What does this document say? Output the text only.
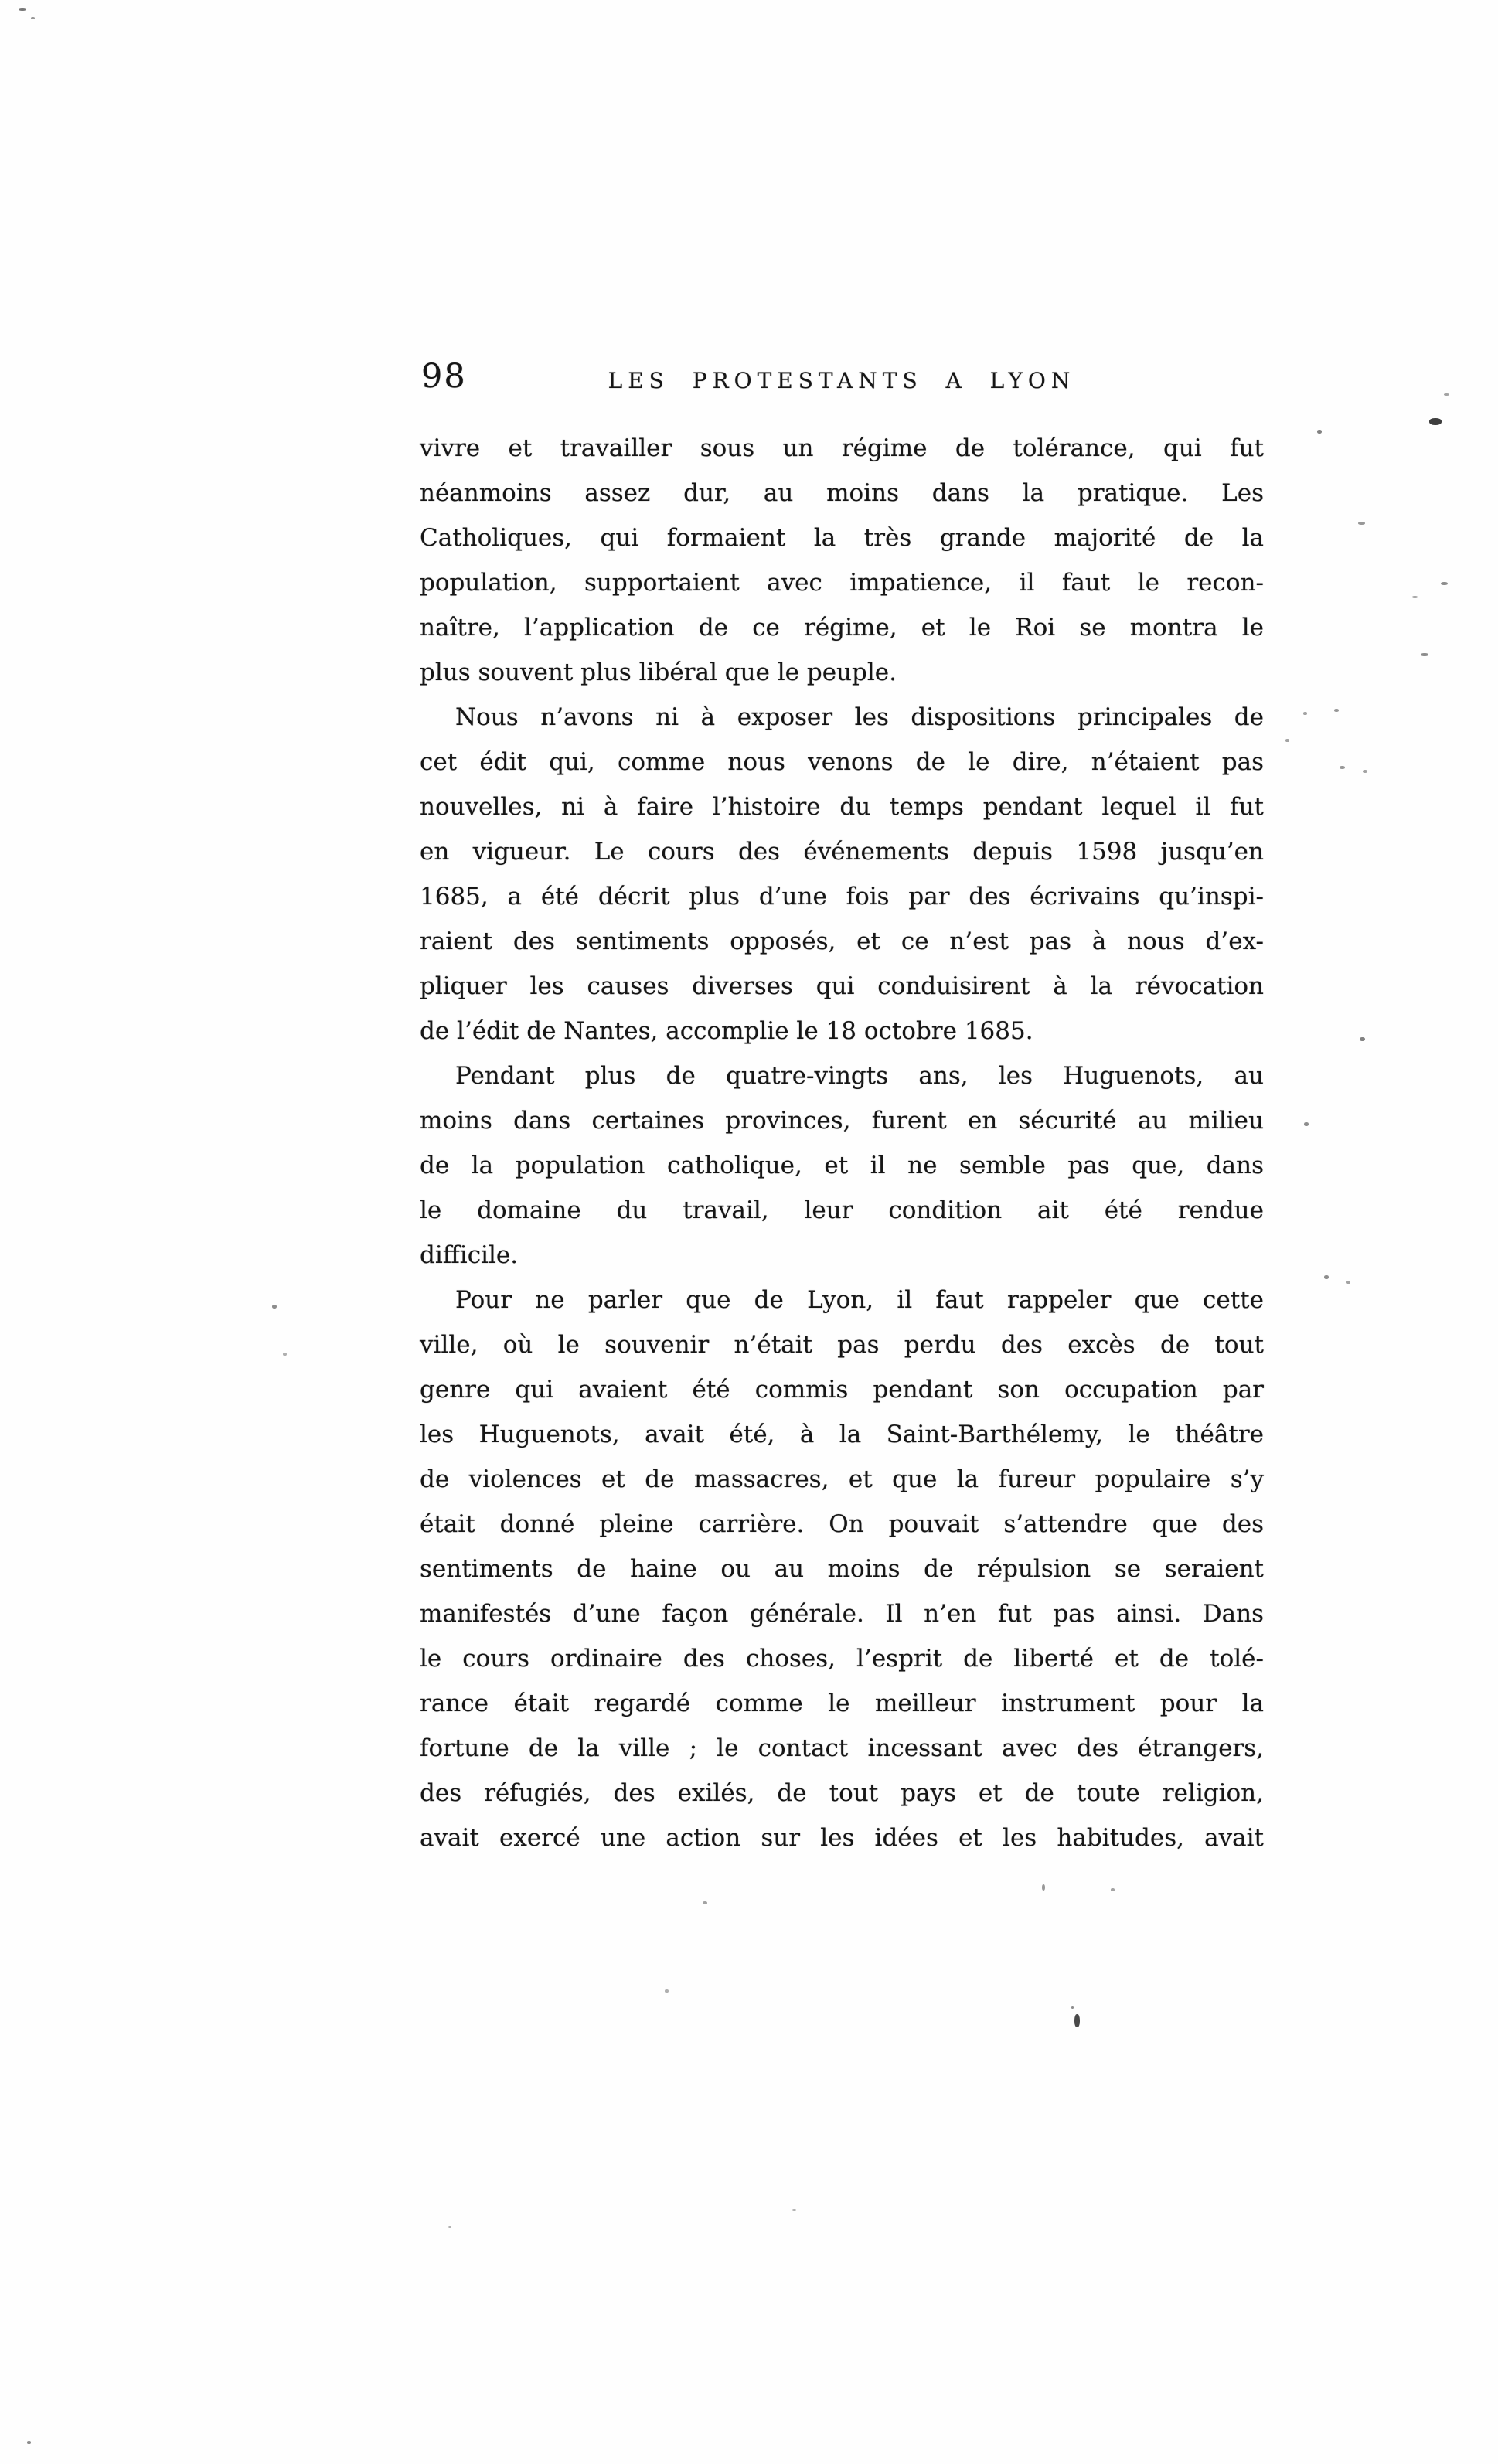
98	LES PROTESTANTS A LYON
vivre et travailler sous un régime de tolérance, qui fut
néanmoins assez dur, au moins dans la pratique. Les
Catholiques, qui formaient la très grande majorité de la
population, supportaient avec impatience, il faut le recon-
naître, l’application de ce régime, et le Roi se montra le
plus souvent plus libéral que le peuple.
Nous n’avons ni à exposer les dispositions principales de
cet édit qui, comme nous venons de le dire, n’étaient pas
nouvelles, ni à faire l’histoire du temps pendant lequel il fut
en vigueur. Le cours des événements depuis 1598 jusqu’en
1685, a été décrit plus d’une fois par des écrivains qu’inspi-
raient des sentiments opposés, et ce n’est pas à nous d’ex-
pliquer les causes diverses qui conduisirent à la révocation
de l’édit de Nantes, accomplie le 18 octobre 1685.
Pendant plus de quatre-vingts ans, les Huguenots, au
moins dans certaines provinces, furent en sécurité au milieu
de la population catholique, et il ne semble pas que, dans
le domaine du travail, leur condition ait été rendue
difficile.
Pour ne parler que de Lyon, il faut rappeler que cette
ville, où le souvenir n’était pas perdu des excès de tout
genre qui avaient été commis pendant son occupation par
les Huguenots, avait été, à la Saint-Barthélemy, le théâtre
de violences et de massacres, et que la fureur populaire s’y
était donné pleine carrière. On pouvait s’attendre que des
sentiments de haine ou au moins de répulsion se seraient
manifestés d’une façon générale. Il n’en fut pas ainsi. Dans
le cours ordinaire des choses, l’esprit de liberté et de tolé-
rance était regardé comme le meilleur instrument pour la
fortune de la ville ; le contact incessant avec des étrangers,
des réfugiés, des exilés, de tout pays et de toute religion,
avait exercé une action sur les idées et les habitudes, avait
